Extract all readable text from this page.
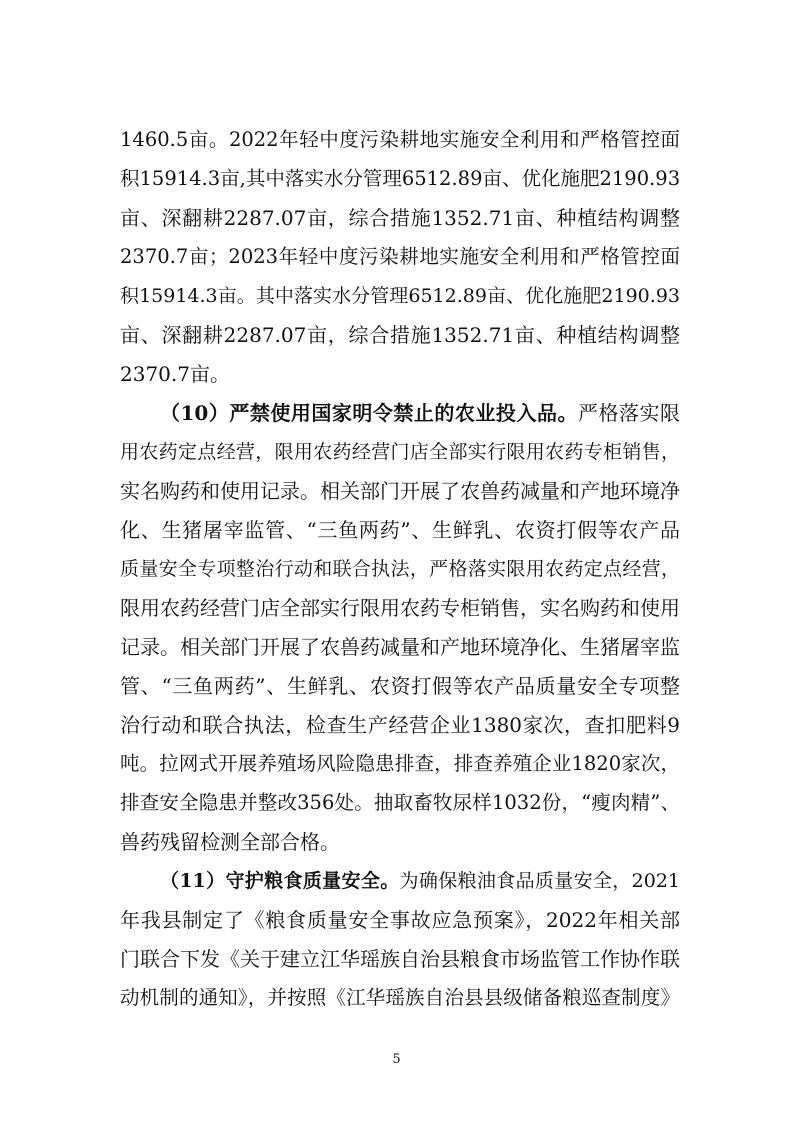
1460.5亩。2022年轻中度污染耕地实施安全利用和严格管控面
积15914.3亩,其中落实水分管理6512.89亩、优化施肥2190.93
亩、深翻耕2287.07亩，综合措施1352.71亩、种植结构调整
2370.7亩；2023年轻中度污染耕地实施安全利用和严格管控面
积15914.3亩。其中落实水分管理6512.89亩、优化施肥2190.93
亩、深翻耕2287.07亩，综合措施1352.71亩、种植结构调整
2370.7亩。
（10）严禁使用国家明令禁止的农业投入品。严格落实限
用农药定点经营，限用农药经营门店全部实行限用农药专柜销售，
实名购药和使用记录。相关部门开展了农兽药减量和产地环境净
化、生猪屠宰监管、“三鱼两药”、生鲜乳、农资打假等农产品
质量安全专项整治行动和联合执法，严格落实限用农药定点经营，
限用农药经营门店全部实行限用农药专柜销售，实名购药和使用
记录。相关部门开展了农兽药减量和产地环境净化、生猪屠宰监
管、“三鱼两药”、生鲜乳、农资打假等农产品质量安全专项整
治行动和联合执法，检查生产经营企业1380家次，查扣肥料9
吨。拉网式开展养殖场风险隐患排查，排查养殖企业1820家次，
排查安全隐患并整改356处。抽取畜牧尿样1032份，“瘦肉精”、
兽药残留检测全部合格。
（11）守护粮食质量安全。为确保粮油食品质量安全，2021
年我县制定了《粮食质量安全事故应急预案》，2022年相关部
门联合下发《关于建立江华瑶族自治县粮食市场监管工作协作联
动机制的通知》，并按照《江华瑶族自治县县级储备粮巡查制度》
5
